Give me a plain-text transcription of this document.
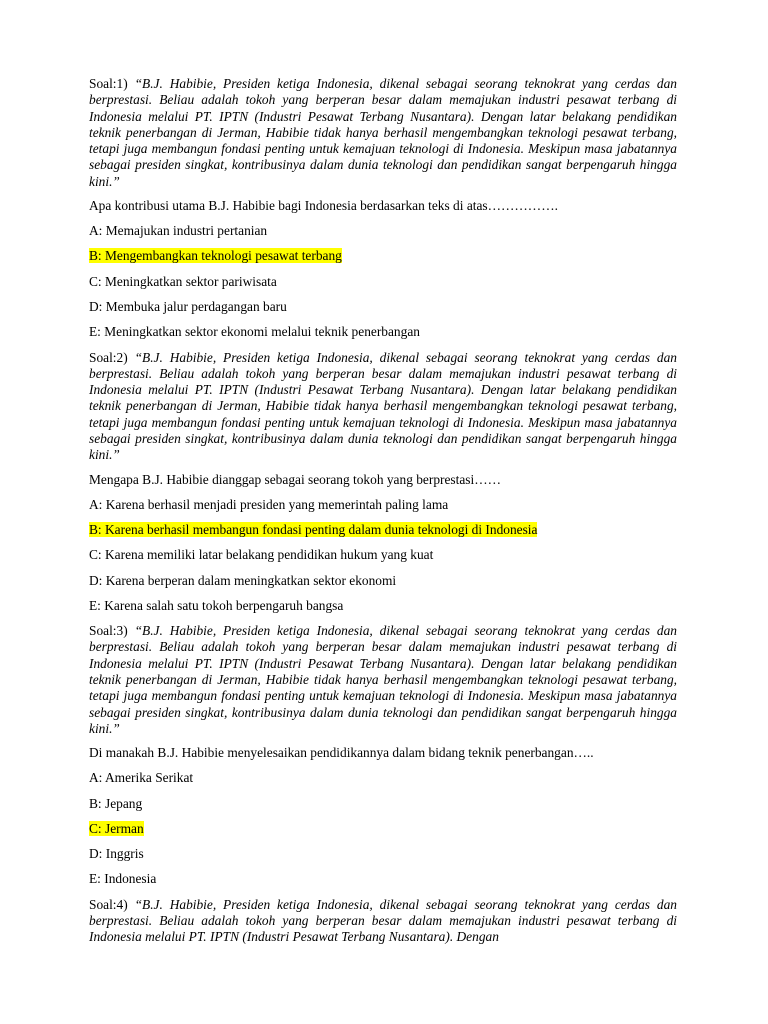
Soal:1) “B.J. Habibie, Presiden ketiga Indonesia, dikenal sebagai seorang teknokrat yang cerdas dan berprestasi. Beliau adalah tokoh yang berperan besar dalam memajukan industri pesawat terbang di Indonesia melalui PT. IPTN (Industri Pesawat Terbang Nusantara). Dengan latar belakang pendidikan teknik penerbangan di Jerman, Habibie tidak hanya berhasil mengembangkan teknologi pesawat terbang, tetapi juga membangun fondasi penting untuk kemajuan teknologi di Indonesia. Meskipun masa jabatannya sebagai presiden singkat, kontribusinya dalam dunia teknologi dan pendidikan sangat berpengaruh hingga kini.”

Apa kontribusi utama B.J. Habibie bagi Indonesia berdasarkan teks di atas…………….

A: Memajukan industri pertanian

B: Mengembangkan teknologi pesawat terbang

C: Meningkatkan sektor pariwisata

D: Membuka jalur perdagangan baru

E: Meningkatkan sektor ekonomi melalui teknik penerbangan

Soal:2) “B.J. Habibie, Presiden ketiga Indonesia, dikenal sebagai seorang teknokrat yang cerdas dan berprestasi. Beliau adalah tokoh yang berperan besar dalam memajukan industri pesawat terbang di Indonesia melalui PT. IPTN (Industri Pesawat Terbang Nusantara). Dengan latar belakang pendidikan teknik penerbangan di Jerman, Habibie tidak hanya berhasil mengembangkan teknologi pesawat terbang, tetapi juga membangun fondasi penting untuk kemajuan teknologi di Indonesia. Meskipun masa jabatannya sebagai presiden singkat, kontribusinya dalam dunia teknologi dan pendidikan sangat berpengaruh hingga kini.”

Mengapa B.J. Habibie dianggap sebagai seorang tokoh yang berprestasi……

A: Karena berhasil menjadi presiden yang memerintah paling lama

B: Karena berhasil membangun fondasi penting dalam dunia teknologi di Indonesia

C: Karena memiliki latar belakang pendidikan hukum yang kuat

D: Karena berperan dalam meningkatkan sektor ekonomi

E: Karena salah satu tokoh berpengaruh bangsa

Soal:3) “B.J. Habibie, Presiden ketiga Indonesia, dikenal sebagai seorang teknokrat yang cerdas dan berprestasi. Beliau adalah tokoh yang berperan besar dalam memajukan industri pesawat terbang di Indonesia melalui PT. IPTN (Industri Pesawat Terbang Nusantara). Dengan latar belakang pendidikan teknik penerbangan di Jerman, Habibie tidak hanya berhasil mengembangkan teknologi pesawat terbang, tetapi juga membangun fondasi penting untuk kemajuan teknologi di Indonesia. Meskipun masa jabatannya sebagai presiden singkat, kontribusinya dalam dunia teknologi dan pendidikan sangat berpengaruh hingga kini.”

Di manakah B.J. Habibie menyelesaikan pendidikannya dalam bidang teknik penerbangan…..

A: Amerika Serikat

B: Jepang

C: Jerman

D: Inggris

E: Indonesia

Soal:4) “B.J. Habibie, Presiden ketiga Indonesia, dikenal sebagai seorang teknokrat yang cerdas dan berprestasi. Beliau adalah tokoh yang berperan besar dalam memajukan industri pesawat terbang di Indonesia melalui PT. IPTN (Industri Pesawat Terbang Nusantara). Dengan
